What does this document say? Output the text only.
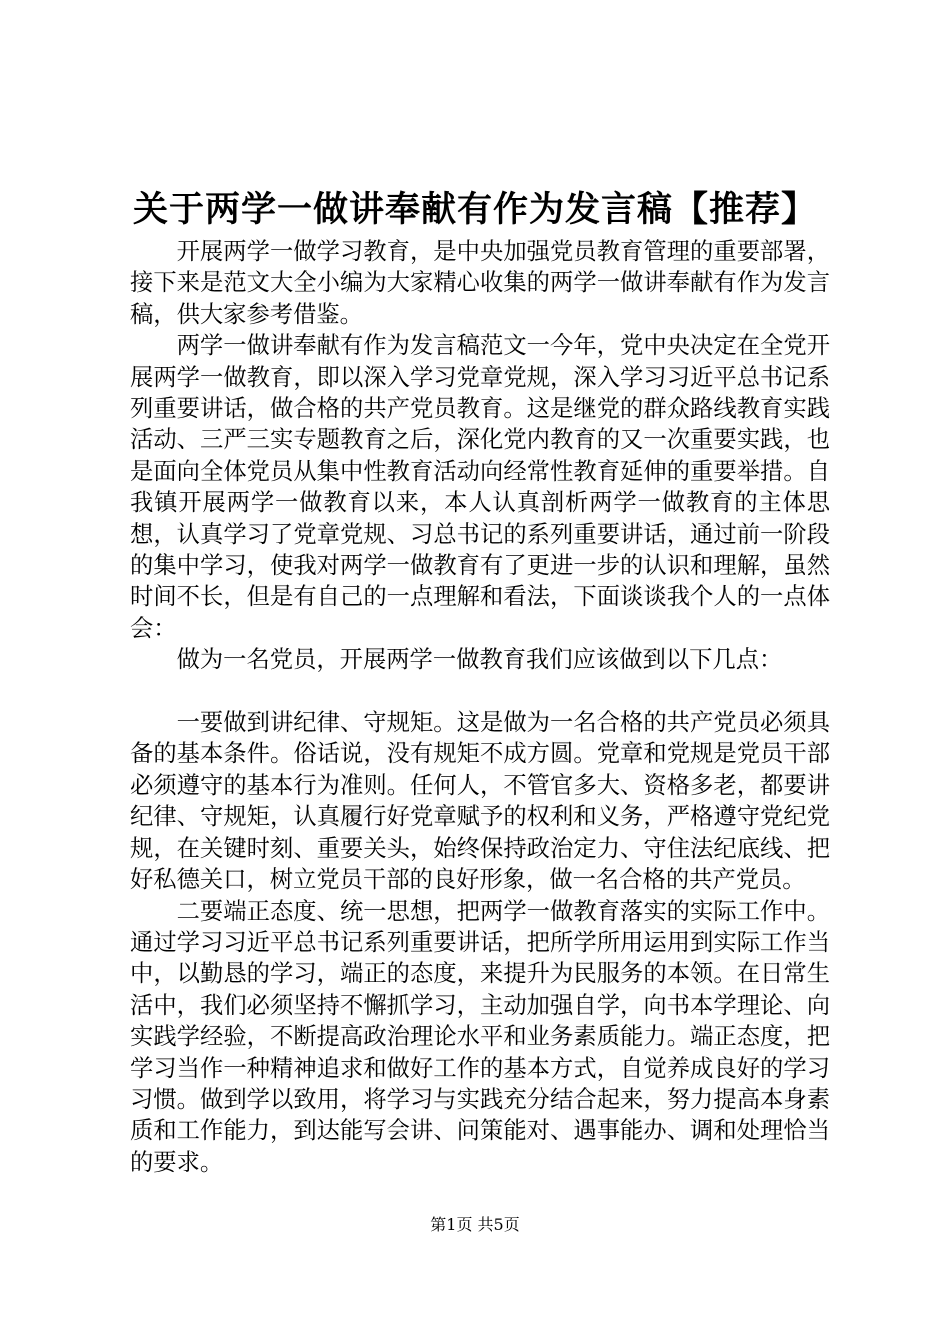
关于两学一做讲奉献有作为发言稿【推荐】

开展两学一做学习教育，是中央加强党员教育管理的重要部署，接下来是范文大全小编为大家精心收集的两学一做讲奉献有作为发言稿，供大家参考借鉴。

两学一做讲奉献有作为发言稿范文一今年，党中央决定在全党开展两学一做教育，即以深入学习党章党规，深入学习习近平总书记系列重要讲话，做合格的共产党员教育。这是继党的群众路线教育实践活动、三严三实专题教育之后，深化党内教育的又一次重要实践，也是面向全体党员从集中性教育活动向经常性教育延伸的重要举措。自我镇开展两学一做教育以来，本人认真剖析两学一做教育的主体思想，认真学习了党章党规、习总书记的系列重要讲话，通过前一阶段的集中学习，使我对两学一做教育有了更进一步的认识和理解，虽然时间不长，但是有自己的一点理解和看法，下面谈谈我个人的一点体会：

做为一名党员，开展两学一做教育我们应该做到以下几点：

一要做到讲纪律、守规矩。这是做为一名合格的共产党员必须具备的基本条件。俗话说，没有规矩不成方圆。党章和党规是党员干部必须遵守的基本行为准则。任何人，不管官多大、资格多老，都要讲纪律、守规矩，认真履行好党章赋予的权利和义务，严格遵守党纪党规，在关键时刻、重要关头，始终保持政治定力、守住法纪底线、把好私德关口，树立党员干部的良好形象，做一名合格的共产党员。

二要端正态度、统一思想，把两学一做教育落实的实际工作中。通过学习习近平总书记系列重要讲话，把所学所用运用到实际工作当中，以勤恳的学习，端正的态度，来提升为民服务的本领。在日常生活中，我们必须坚持不懈抓学习，主动加强自学，向书本学理论、向实践学经验，不断提高政治理论水平和业务素质能力。端正态度，把学习当作一种精神追求和做好工作的基本方式，自觉养成良好的学习习惯。做到学以致用，将学习与实践充分结合起来，努力提高本身素质和工作能力，到达能写会讲、问策能对、遇事能办、调和处理恰当的要求。

第1页 共5页
